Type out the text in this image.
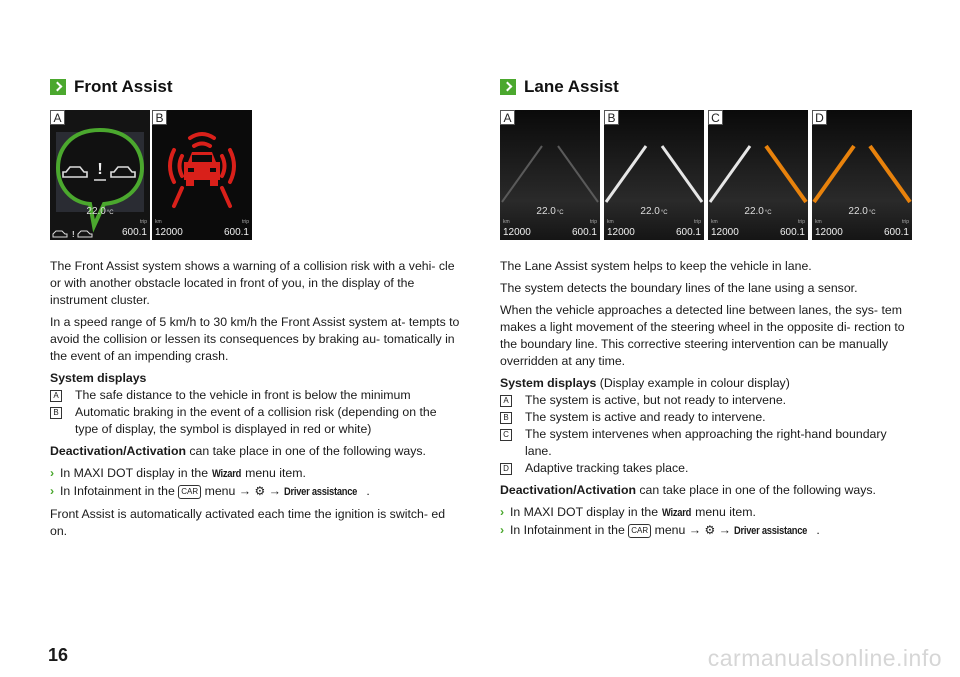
Front Assist
A
!
!
22.0°C
trip
600.1
B
km	trip
12000	600.1

The Front Assist system shows a warning of a collision risk with a vehi- cle or with another obstacle located in front of you, in the display of the instrument cluster.

In a speed range of 5 km/h to 30 km/h the Front Assist system at- tempts to avoid the collision or lessen its consequences by braking au- tomatically in the event of an impending crash.

System displays

A The safe distance to the vehicle in front is below the minimum
B Automatic braking in the event of a collision risk (depending on the type of display, the symbol is displayed in red or white)

Deactivation/Activation can take place in one of the following ways.

› In MAXI DOT display in the Wizard menu item.
› In Infotainment in the CAR menu → ⚙ → Driver assistance .

Front Assist is automatically activated each time the ignition is switch- ed on.

Lane Assist
A
22.0°C
km	trip
12000	600.1
B
22.0°C
km	trip
12000	600.1
C
22.0°C
km	trip
12000	600.1
D
22.0°C
km	trip
12000	600.1

The Lane Assist system helps to keep the vehicle in lane.

The system detects the boundary lines of the lane using a sensor.

When the vehicle approaches a detected line between lanes, the sys- tem makes a light movement of the steering wheel in the opposite di- rection to the boundary line. This corrective steering intervention can be manually overridden at any time.

System displays (Display example in colour display)

A The system is active, but not ready to intervene.
B The system is active and ready to intervene.
C The system intervenes when approaching the right-hand boundary lane.
D Adaptive tracking takes place.

Deactivation/Activation can take place in one of the following ways.

› In MAXI DOT display in the Wizard menu item.
› In Infotainment in the CAR menu → ⚙ → Driver assistance .
16	carmanualsonline.info
